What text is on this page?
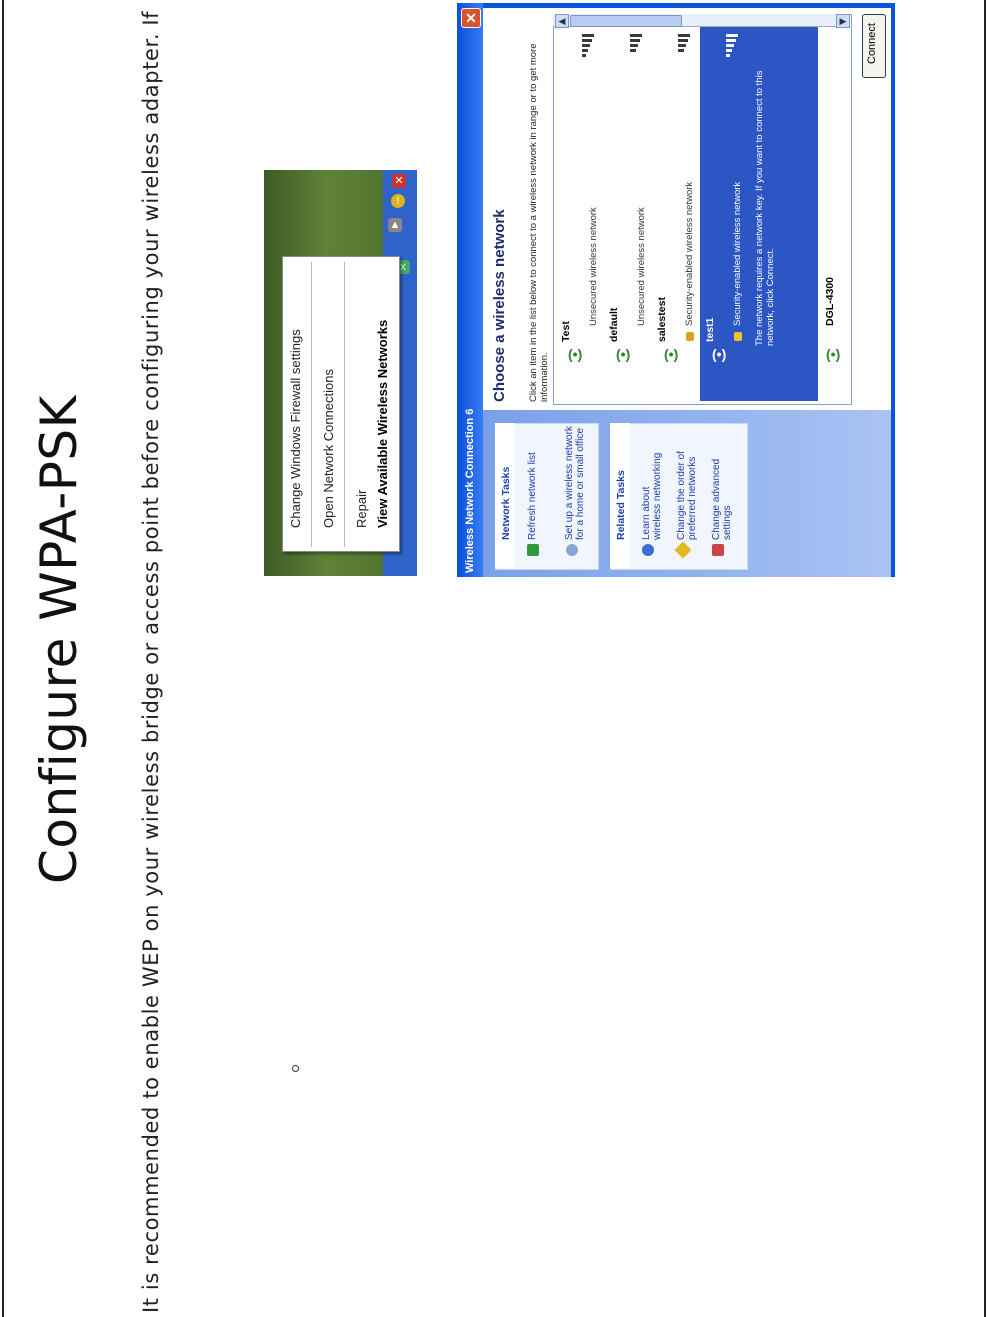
Configure WPA-PSK It is recommended to enable WEP on your wireless bridge or access point before configuring your wireless adapter. If	x
▲
!
✕
Change Windows Firewall settings Open Network Connections Repair View Available Wireless Networks	Wireless Network Connection 6
✕
Network Tasks Refresh network list	Set up a wireless network for a home or small office	Related Tasks Learn about wireless networking Change the order of preferred networks Change advanced settings
Choose a wireless network Click an item in the list below to connect to a wireless network in range or to get more information. (•)
Test
Unsecured wireless network
(•)
default Unsecured wireless network
(•)
salestest Security-enabled wireless network
(•)
test1
Security-enabled wireless network The network requires a network key. If you want to connect to this network, click Connect.
(•)
DGL-4300
◀	▶
Connect
